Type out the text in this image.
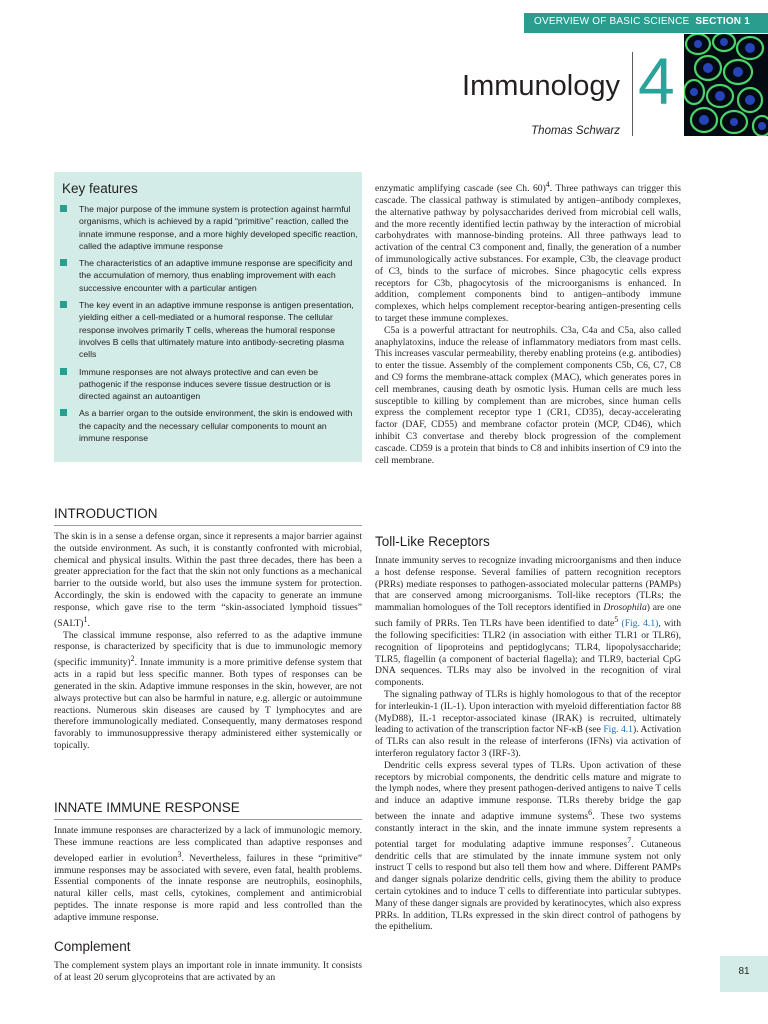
OVERVIEW OF BASIC SCIENCE SECTION 1
Immunology 4
Thomas Schwarz
Key features
The major purpose of the immune system is protection against harmful organisms, which is achieved by a rapid “primitive” reaction, called the innate immune response, and a more highly developed specific reaction, called the adaptive immune response
The characteristics of an adaptive immune response are specificity and the accumulation of memory, thus enabling improvement with each successive encounter with a particular antigen
The key event in an adaptive immune response is antigen presentation, yielding either a cell-mediated or a humoral response. The cellular response involves primarily T cells, whereas the humoral response involves B cells that ultimately mature into antibody-secreting plasma cells
Immune responses are not always protective and can even be pathogenic if the response induces severe tissue destruction or is directed against an autoantigen
As a barrier organ to the outside environment, the skin is endowed with the capacity and the necessary cellular components to mount an immune response
INTRODUCTION

The skin is in a sense a defense organ, since it represents a major barrier against the outside environment. As such, it is constantly confronted with microbial, chemical and physical insults. Within the past three decades, there has been a greater appreciation for the fact that the skin not only functions as a mechanical barrier to the outside world, but also uses the immune system for protection. Accordingly, the skin is endowed with the capacity to generate an immune response, which gave rise to the term “skin-associated lymphoid tissues” (SALT)$^1$.

The classical immune response, also referred to as the adaptive immune response, is characterized by specificity that is due to immunologic memory (specific immunity)$^2$. Innate immunity is a more primitive defense system that acts in a rapid but less specific manner. Both types of responses can be generated in the skin. Adaptive immune responses in the skin, however, are not always protective but can also be harmful in nature, e.g. allergic or autoimmune reactions. Numerous skin diseases are caused by T lymphocytes and are therefore immunologically mediated. Consequently, many dermatoses respond favorably to immunosuppressive therapy administered either systemically or topically.

INNATE IMMUNE RESPONSE

Innate immune responses are characterized by a lack of immunologic memory. These immune reactions are less complicated than adaptive responses and developed earlier in evolution$^3$. Nevertheless, failures in these “primitive” immune responses may be associated with severe, even fatal, health problems. Essential components of the innate response are neutrophils, eosinophils, natural killer cells, mast cells, cytokines, complement and antimicrobial peptides. The innate response is more rapid and less controlled than the adaptive immune response.

Complement

The complement system plays an important role in innate immunity. It consists of at least 20 serum glycoproteins that are activated by an

enzymatic amplifying cascade (see Ch. 60)$^4$. Three pathways can trigger this cascade. The classical pathway is stimulated by antigen–antibody complexes, the alternative pathway by polysaccharides derived from microbial cell walls, and the more recently identified lectin pathway by the interaction of microbial carbohydrates with mannose-binding proteins. All three pathways lead to activation of the central C3 component and, finally, the generation of a number of immunologically active substances. For example, C3b, the cleavage product of C3, binds to the surface of microbes. Since phagocytic cells express receptors for C3b, phagocytosis of the microorganisms is enhanced. In addition, complement components bind to antigen–antibody immune complexes, which helps complement receptor-bearing antigen-presenting cells to target these immune complexes.

C5a is a powerful attractant for neutrophils. C3a, C4a and C5a, also called anaphylatoxins, induce the release of inflammatory mediators from mast cells. This increases vascular permeability, thereby enabling proteins (e.g. antibodies) to enter the tissue. Assembly of the complement components C5b, C6, C7, C8 and C9 forms the membrane-attack complex (MAC), which generates pores in cell membranes, causing death by osmotic lysis. Human cells are much less susceptible to killing by complement than are microbes, since human cells express the complement receptor type 1 (CR1, CD35), decay-accelerating factor (DAF, CD55) and membrane cofactor protein (MCP, CD46), which inhibit C3 convertase and thereby block progression of the complement cascade. CD59 is a protein that binds to C8 and inhibits insertion of C9 into the cell membrane.

Toll-Like Receptors

Innate immunity serves to recognize invading microorganisms and then induce a host defense response. Several families of pattern recognition receptors (PRRs) mediate responses to pathogen-associated molecular patterns (PAMPs) that are conserved among microorganisms. Toll-like receptors (TLRs; the mammalian homologues of the Toll receptors identified in Drosophila) are one such family of PRRs. Ten TLRs have been identified to date$^5$ (Fig. 4.1), with the following specificities: TLR2 (in association with either TLR1 or TLR6), recognition of lipoproteins and peptidoglycans; TLR4, lipopolysaccharide; TLR5, flagellin (a component of bacterial flagella); and TLR9, bacterial CpG DNA sequences. TLRs may also be involved in the recognition of viral components.

The signaling pathway of TLRs is highly homologous to that of the receptor for interleukin-1 (IL-1). Upon interaction with myeloid differentiation factor 88 (MyD88), IL-1 receptor-associated kinase (IRAK) is recruited, ultimately leading to activation of the transcription factor NF-κB (see Fig. 4.1). Activation of TLRs can also result in the release of interferons (IFNs) via activation of interferon regulatory factor 3 (IRF-3).

Dendritic cells express several types of TLRs. Upon activation of these receptors by microbial components, the dendritic cells mature and migrate to the lymph nodes, where they present pathogen-derived antigens to naive T cells and induce an adaptive immune response. TLRs thereby bridge the gap between the innate and adaptive immune systems$^6$. These two systems constantly interact in the skin, and the innate immune system represents a potential target for modulating adaptive immune responses$^7$. Cutaneous dendritic cells that are stimulated by the innate immune system not only instruct T cells to respond but also tell them how and where. Different PAMPs and danger signals polarize dendritic cells, giving them the ability to produce certain cytokines and to induce T cells to differentiate into particular subtypes. Many of these danger signals are provided by keratinocytes, which also express PRRs. In addition, TLRs expressed in the skin direct control of pathogens by the epithelium.

81
